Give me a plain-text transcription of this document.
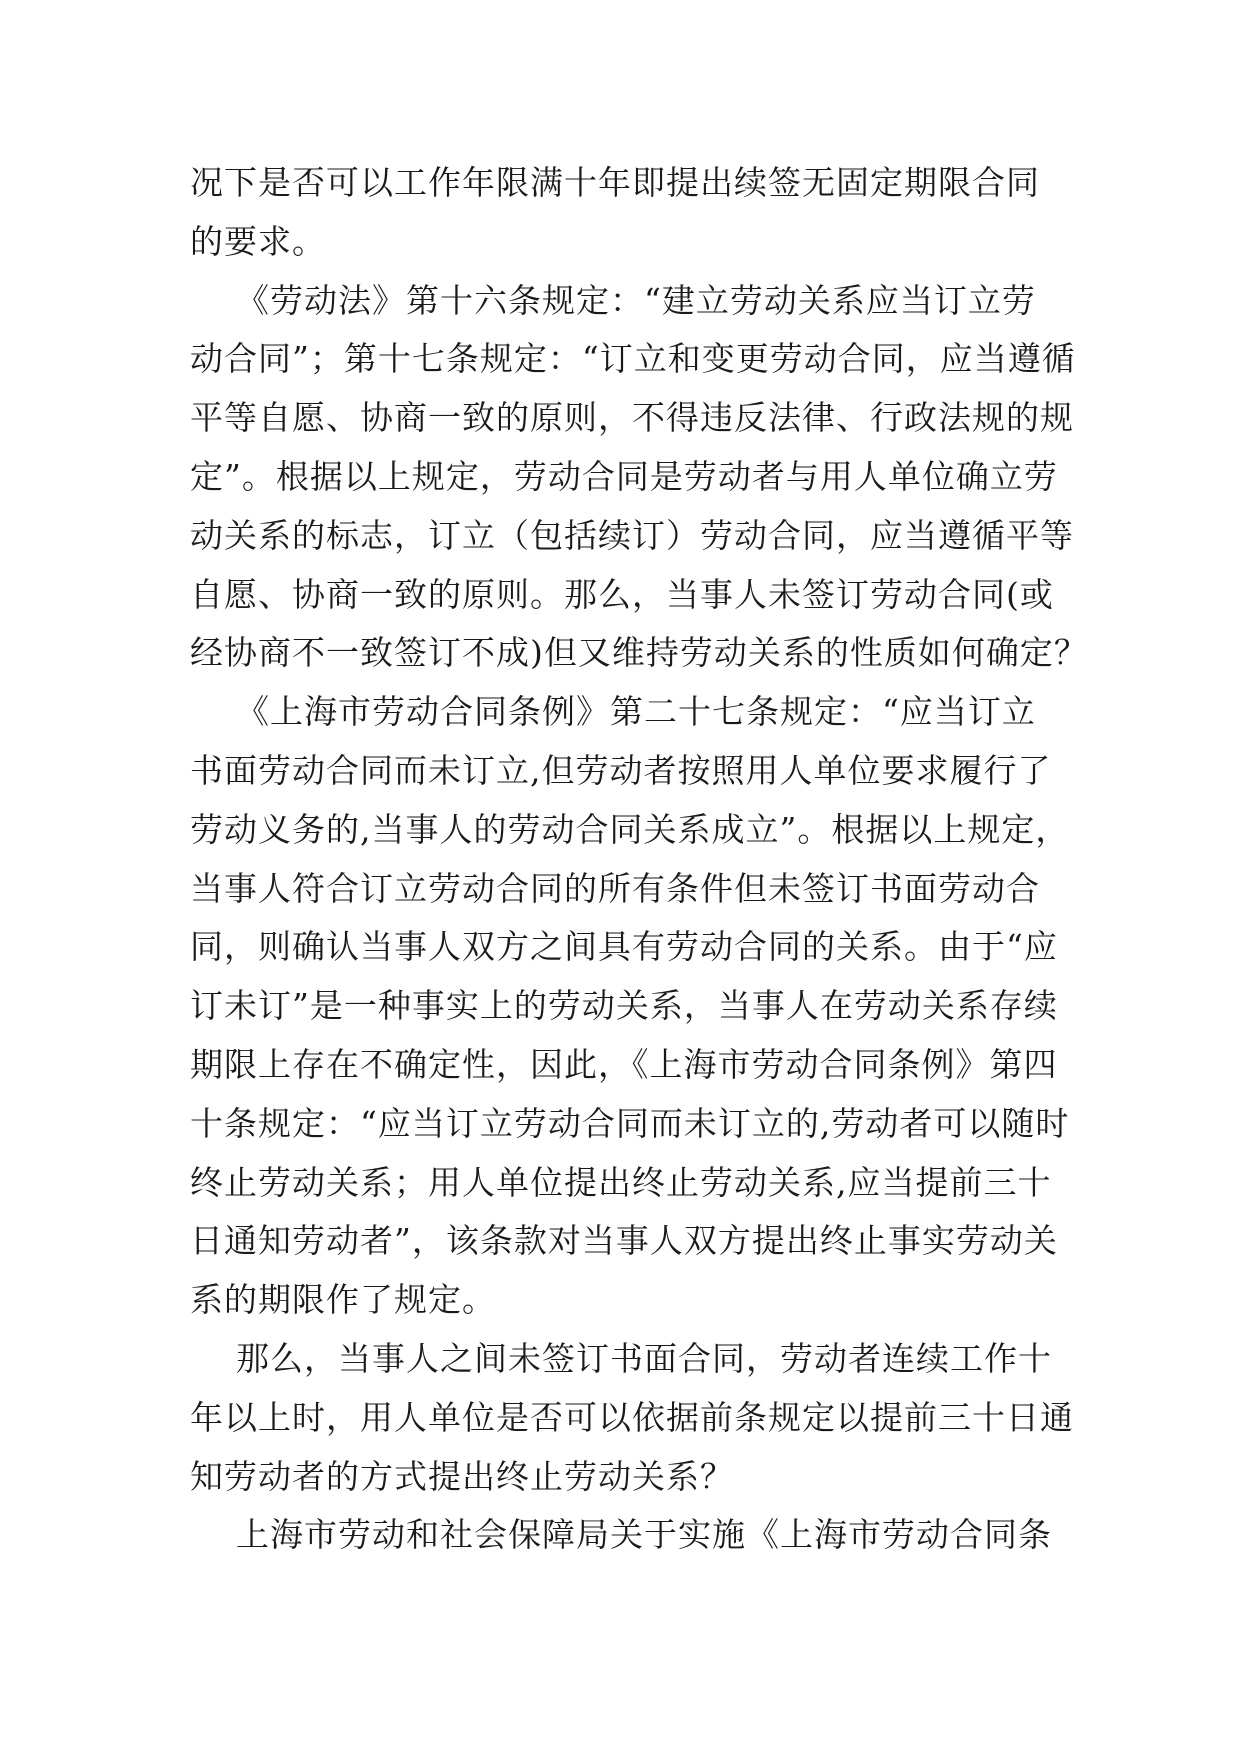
况下是否可以工作年限满十年即提出续签无固定期限合同
的要求。
《劳动法》第十六条规定：“建立劳动关系应当订立劳
动合同”；第十七条规定：“订立和变更劳动合同，应当遵循
平等自愿、协商一致的原则，不得违反法律、行政法规的规
定”。根据以上规定，劳动合同是劳动者与用人单位确立劳
动关系的标志，订立（包括续订）劳动合同，应当遵循平等
自愿、协商一致的原则。那么，当事人未签订劳动合同(或
经协商不一致签订不成)但又维持劳动关系的性质如何确定？
《上海市劳动合同条例》第二十七条规定：“应当订立
书面劳动合同而未订立,但劳动者按照用人单位要求履行了
劳动义务的,当事人的劳动合同关系成立”。根据以上规定，
当事人符合订立劳动合同的所有条件但未签订书面劳动合
同，则确认当事人双方之间具有劳动合同的关系。由于“应
订未订”是一种事实上的劳动关系，当事人在劳动关系存续
期限上存在不确定性，因此，《上海市劳动合同条例》第四
十条规定：“应当订立劳动合同而未订立的,劳动者可以随时
终止劳动关系；用人单位提出终止劳动关系,应当提前三十
日通知劳动者”，该条款对当事人双方提出终止事实劳动关
系的期限作了规定。
那么，当事人之间未签订书面合同，劳动者连续工作十
年以上时，用人单位是否可以依据前条规定以提前三十日通
知劳动者的方式提出终止劳动关系？
上海市劳动和社会保障局关于实施《上海市劳动合同条
